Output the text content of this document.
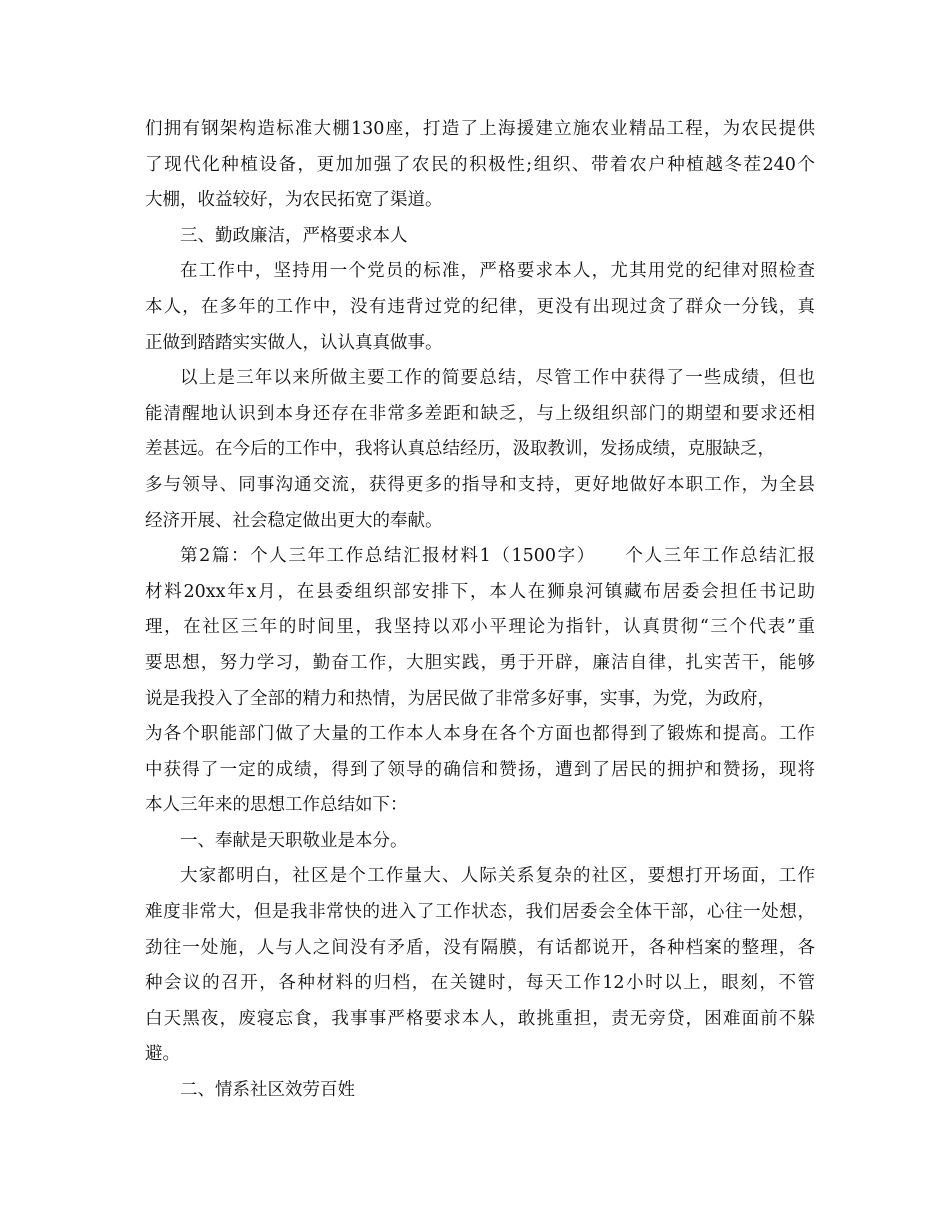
们拥有钢架构造标准大棚130座，打造了上海援建立施农业精品工程，为农民提供
了现代化种植设备，更加加强了农民的积极性;组织、带着农户种植越冬茬240个
大棚，收益较好，为农民拓宽了渠道。
三、勤政廉洁，严格要求本人
在工作中，坚持用一个党员的标准，严格要求本人，尤其用党的纪律对照检查
本人，在多年的工作中，没有违背过党的纪律，更没有出现过贪了群众一分钱，真
正做到踏踏实实做人，认认真真做事。
以上是三年以来所做主要工作的简要总结，尽管工作中获得了一些成绩，但也
能清醒地认识到本身还存在非常多差距和缺乏，与上级组织部门的期望和要求还相
差甚远。在今后的工作中，我将认真总结经历，汲取教训，发扬成绩，克服缺乏，
多与领导、同事沟通交流，获得更多的指导和支持，更好地做好本职工作，为全县
经济开展、社会稳定做出更大的奉献。
第2篇：个人三年工作总结汇报材料1（1500字）　　个人三年工作总结汇报
材料20xx年x月，在县委组织部安排下，本人在狮泉河镇藏布居委会担任书记助
理，在社区三年的时间里，我坚持以邓小平理论为指针，认真贯彻“三个代表”重
要思想，努力学习，勤奋工作，大胆实践，勇于开辟，廉洁自律，扎实苦干，能够
说是我投入了全部的精力和热情，为居民做了非常多好事，实事，为党，为政府，
为各个职能部门做了大量的工作本人本身在各个方面也都得到了锻炼和提高。工作
中获得了一定的成绩，得到了领导的确信和赞扬，遭到了居民的拥护和赞扬，现将
本人三年来的思想工作总结如下：
一、奉献是天职敬业是本分。
大家都明白，社区是个工作量大、人际关系复杂的社区，要想打开场面，工作
难度非常大，但是我非常快的进入了工作状态，我们居委会全体干部，心往一处想，
劲往一处施，人与人之间没有矛盾，没有隔膜，有话都说开，各种档案的整理，各
种会议的召开，各种材料的归档，在关键时，每天工作12小时以上，眼刻，不管
白天黑夜，废寝忘食，我事事严格要求本人，敢挑重担，责无旁贷，困难面前不躲
避。
二、情系社区效劳百姓
